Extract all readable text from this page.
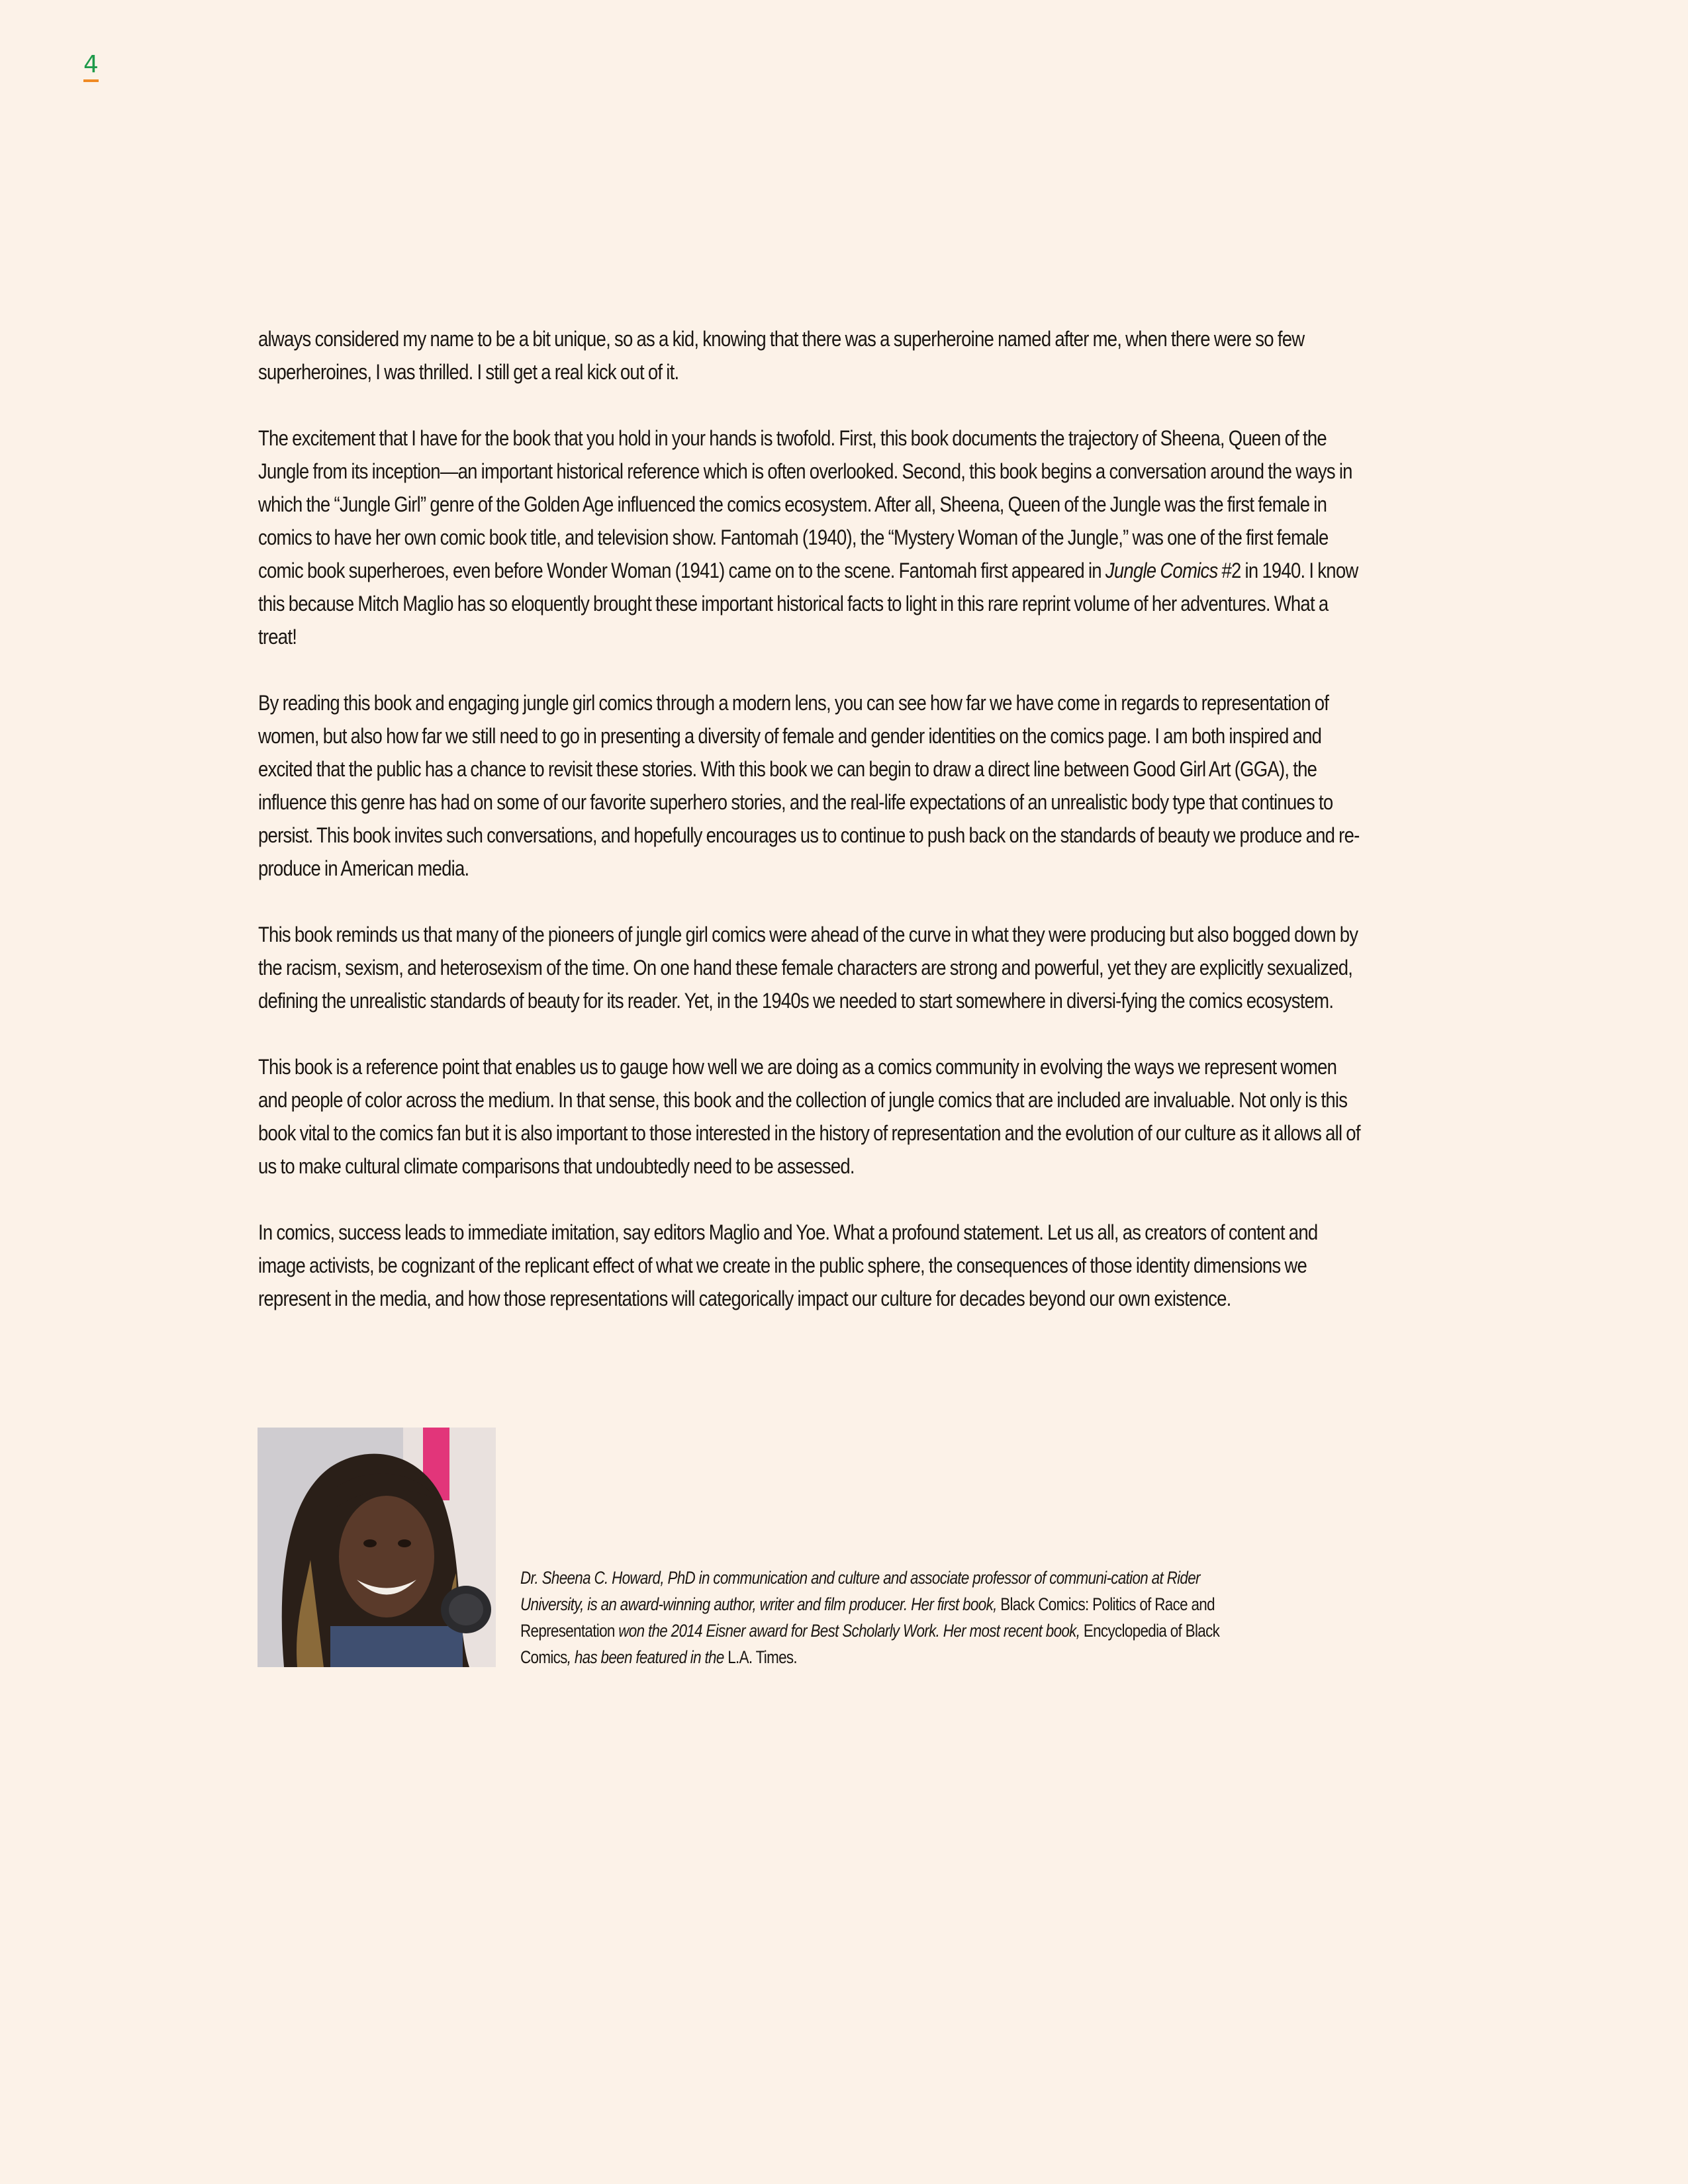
4

always considered my name to be a bit unique, so as a kid, knowing that there was a superheroine named after me, when there were so few superheroines, I was thrilled. I still get a real kick out of it.

The excitement that I have for the book that you hold in your hands is twofold. First, this book documents the trajectory of Sheena, Queen of the Jungle from its inception—an important historical reference which is often overlooked. Second, this book begins a conversation around the ways in which the “Jungle Girl” genre of the Golden Age influenced the comics ecosystem. After all, Sheena, Queen of the Jungle was the first female in comics to have her own comic book title, and television show. Fantomah (1940), the “Mystery Woman of the Jungle,” was one of the first female comic book superheroes, even before Wonder Woman (1941) came on to the scene. Fantomah first appeared in Jungle Comics #2 in 1940. I know this because Mitch Maglio has so eloquently brought these important historical facts to light in this rare reprint volume of her adventures. What a treat!

By reading this book and engaging jungle girl comics through a modern lens, you can see how far we have come in regards to representation of women, but also how far we still need to go in presenting a diversity of female and gender identities on the comics page. I am both inspired and excited that the public has a chance to revisit these stories. With this book we can begin to draw a direct line between Good Girl Art (GGA), the influence this genre has had on some of our favorite superhero stories, and the real-life expectations of an unrealistic body type that continues to persist. This book invites such conversations, and hopefully encourages us to continue to push back on the standards of beauty we produce and re-produce in American media.

This book reminds us that many of the pioneers of jungle girl comics were ahead of the curve in what they were producing but also bogged down by the racism, sexism, and heterosexism of the time. On one hand these female characters are strong and powerful, yet they are explicitly sexualized, defining the unrealistic standards of beauty for its reader. Yet, in the 1940s we needed to start somewhere in diversi-fying the comics ecosystem.

This book is a reference point that enables us to gauge how well we are doing as a comics community in evolving the ways we represent women and people of color across the medium. In that sense, this book and the collection of jungle comics that are included are invaluable. Not only is this book vital to the comics fan but it is also important to those interested in the history of representation and the evolution of our culture as it allows all of us to make cultural climate comparisons that undoubtedly need to be assessed.

In comics, success leads to immediate imitation, say editors Maglio and Yoe. What a profound statement. Let us all, as creators of content and image activists, be cognizant of the replicant effect of what we create in the public sphere, the consequences of those identity dimensions we represent in the media, and how those representations will categorically impact our culture for decades beyond our own existence.

Dr. Sheena C. Howard, PhD in communication and culture and associate professor of communi-cation at Rider University, is an award-winning author, writer and film producer. Her first book, Black Comics: Politics of Race and Representation won the 2014 Eisner award for Best Scholarly Work. Her most recent book, Encyclopedia of Black Comics, has been featured in the L.A. Times.
